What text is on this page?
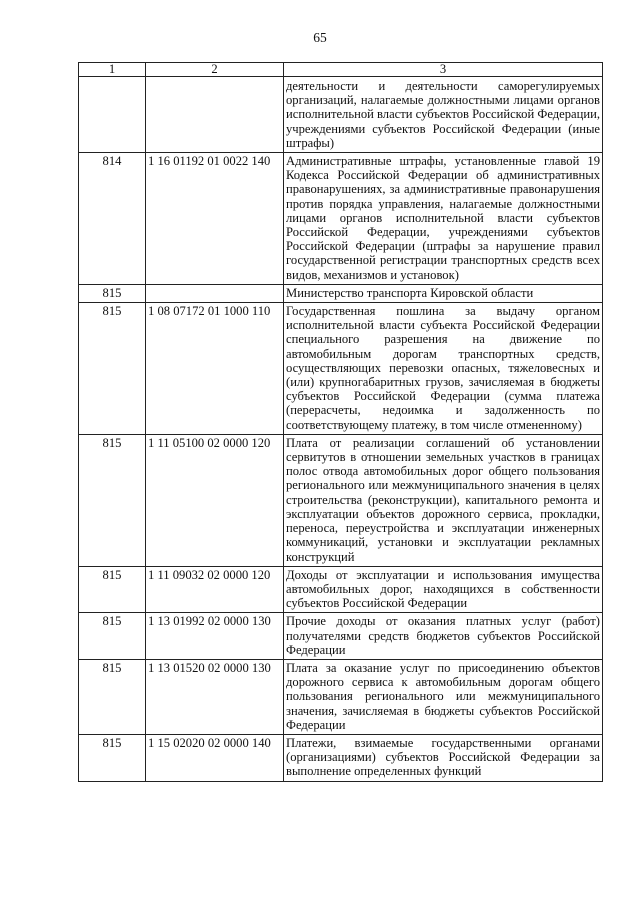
65
1	2	3
		деятельности и деятельности саморегулируемых организаций, налагаемые должностными лицами органов исполнительной власти субъектов Российской Федерации, учреждениями субъектов Российской Федерации (иные штрафы)
814	1 16 01192 01 0022 140	Административные штрафы, установленные главой 19 Кодекса Российской Федерации об административных правонарушениях, за административные правонарушения против порядка управления, налагаемые должностными лицами органов исполнительной власти субъектов Российской Федерации, учреждениями субъектов Российской Федерации (штрафы за нарушение правил государственной регистрации транспортных средств всех видов, механизмов и установок)
815		Министерство транспорта Кировской области
815	1 08 07172 01 1000 110	Государственная пошлина за выдачу органом исполнительной власти субъекта Российской Федерации специального разрешения на движение по автомобильным дорогам транспортных средств, осуществляющих перевозки опасных, тяжеловесных и (или) крупногабаритных грузов, зачисляемая в бюджеты субъектов Российской Федерации (сумма платежа (перерасчеты, недоимка и задолженность по соответствующему платежу, в том числе отмененному)
815	1 11 05100 02 0000 120	Плата от реализации соглашений об установлении сервитутов в отношении земельных участков в границах полос отвода автомобильных дорог общего пользования регионального или межмуниципального значения в целях строительства (реконструкции), капитального ремонта и эксплуатации объектов дорожного сервиса, прокладки, переноса, переустройства и эксплуатации инженерных коммуникаций, установки и эксплуатации рекламных конструкций
815	1 11 09032 02 0000 120	Доходы от эксплуатации и использования имущества автомобильных дорог, находящихся в собственности субъектов Российской Федерации
815	1 13 01992 02 0000 130	Прочие доходы от оказания платных услуг (работ) получателями средств бюджетов субъектов Российской Федерации
815	1 13 01520 02 0000 130	Плата за оказание услуг по присоединению объектов дорожного сервиса к автомобильным дорогам общего пользования регионального или межмуниципального значения, зачисляемая в бюджеты субъектов Российской Федерации
815	1 15 02020 02 0000 140	Платежи, взимаемые государственными органами (организациями) субъектов Российской Федерации за выполнение определенных функций
